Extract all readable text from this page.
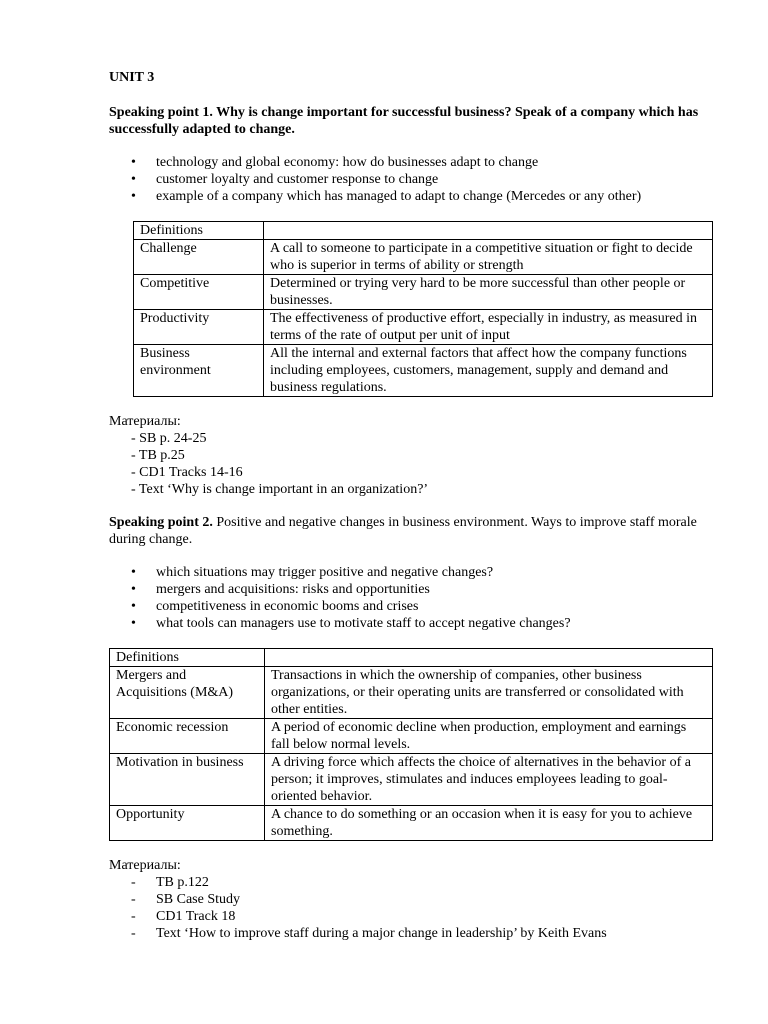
UNIT 3

Speaking point 1. Why is change important for successful business? Speak of a company which has successfully adapted to change.

• technology and global economy: how do businesses adapt to change
• customer loyalty and customer response to change
• example of a company which has managed to adapt to change (Mercedes or any other)
Definitions	
Challenge	A call to someone to participate in a competitive situation or fight to decide who is superior in terms of ability or strength
Competitive	Determined or trying very hard to be more successful than other people or businesses.
Productivity	The effectiveness of productive effort, especially in industry, as measured in terms of the rate of output per unit of input
Business environment	All the internal and external factors that affect how the company functions including employees, customers, management, supply and demand and business regulations.

Материалы:

- SB p. 24-25
- TB p.25
- CD1 Tracks 14-16
- Text ‘Why is change important in an organization?’

Speaking point 2. Positive and negative changes in business environment. Ways to improve staff morale during change.

• which situations may trigger positive and negative changes?
• mergers and acquisitions: risks and opportunities
• competitiveness in economic booms and crises
• what tools can managers use to motivate staff to accept negative changes?
Definitions	
Mergers and Acquisitions (M&A)	Transactions in which the ownership of companies, other business organizations, or their operating units are transferred or consolidated with other entities.
Economic recession	A period of economic decline when production, employment and earnings fall below normal levels.
Motivation in business	A driving force which affects the choice of alternatives in the behavior of a person; it improves, stimulates and induces employees leading to goal-oriented behavior.
Opportunity	A chance to do something or an occasion when it is easy for you to achieve something.

Материалы:

- TB p.122
- SB Case Study
- CD1 Track 18
- Text ‘How to improve staff during a major change in leadership’ by Keith Evans
